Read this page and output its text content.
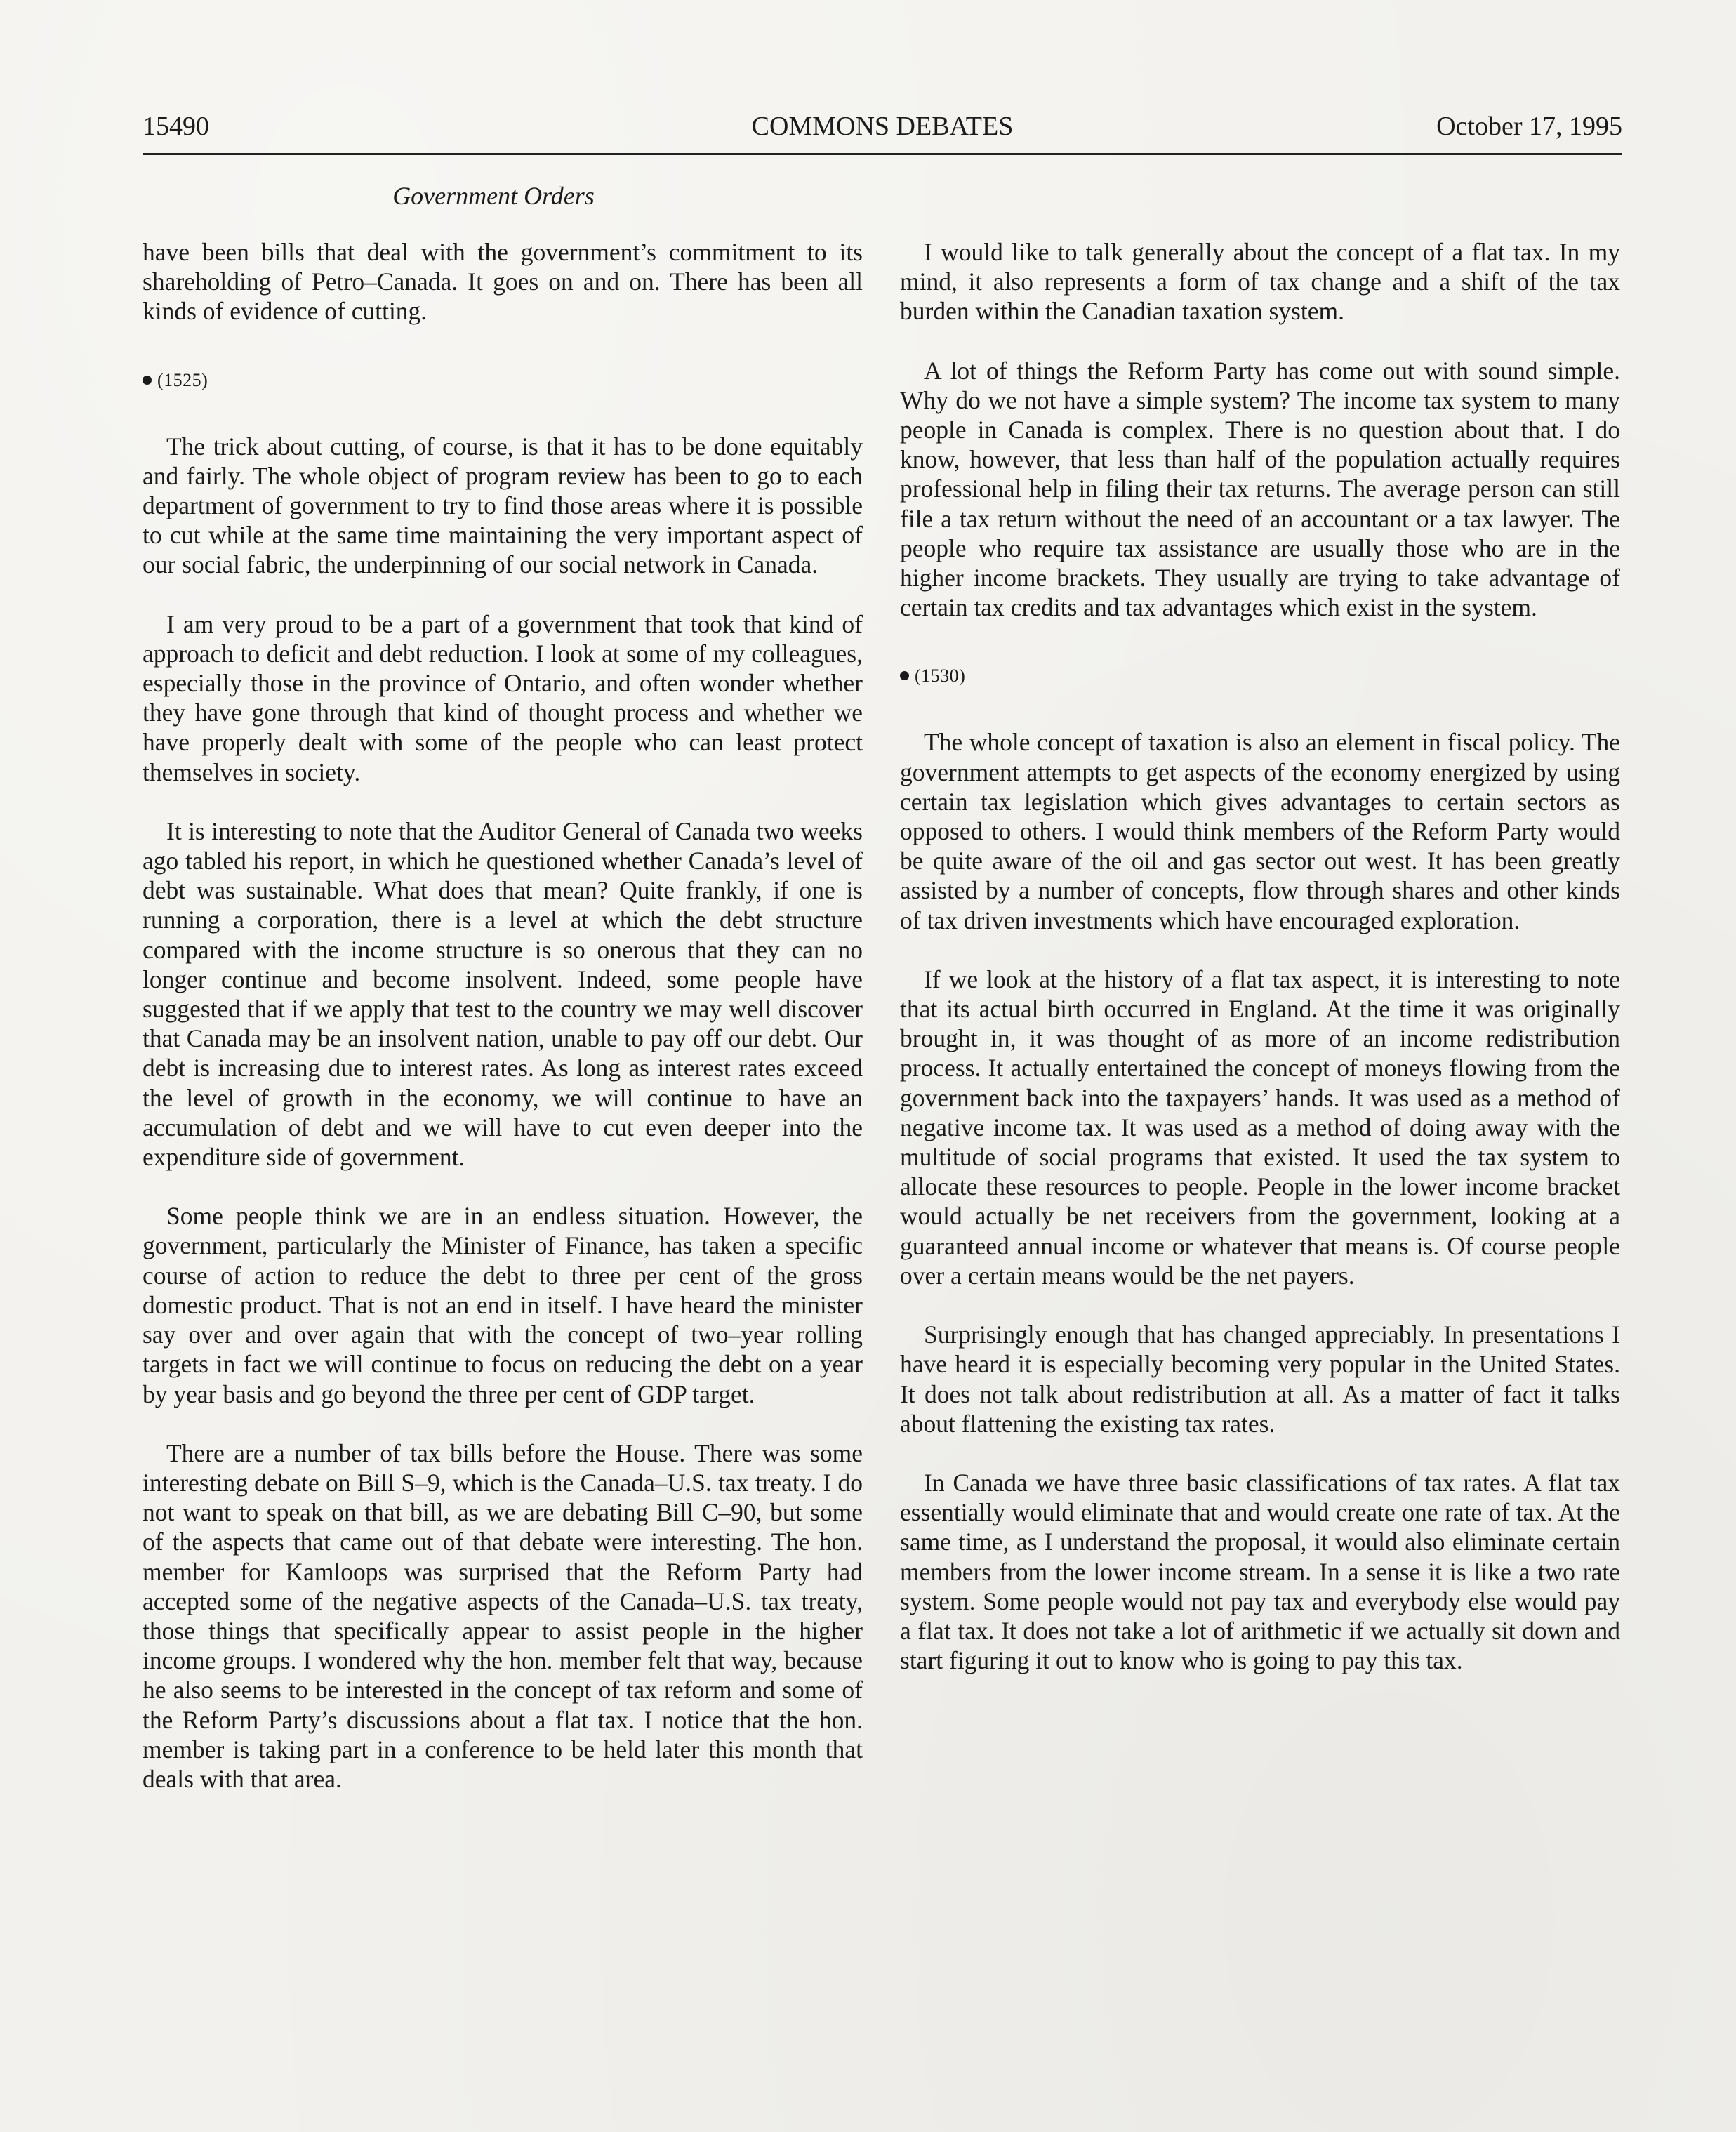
15490	COMMONS DEBATES	October 17, 1995
Government Orders

have been bills that deal with the government’s commitment to its shareholding of Petro–Canada. It goes on and on. There has been all kinds of evidence of cutting.

(1525)

The trick about cutting, of course, is that it has to be done equitably and fairly. The whole object of program review has been to go to each department of government to try to find those areas where it is possible to cut while at the same time maintaining the very important aspect of our social fabric, the underpinning of our social network in Canada.

I am very proud to be a part of a government that took that kind of approach to deficit and debt reduction. I look at some of my colleagues, especially those in the province of Ontario, and often wonder whether they have gone through that kind of thought process and whether we have properly dealt with some of the people who can least protect themselves in society.

It is interesting to note that the Auditor General of Canada two weeks ago tabled his report, in which he questioned whether Canada’s level of debt was sustainable. What does that mean? Quite frankly, if one is running a corporation, there is a level at which the debt structure compared with the income structure is so onerous that they can no longer continue and become insolvent. Indeed, some people have suggested that if we apply that test to the country we may well discover that Canada may be an insolvent nation, unable to pay off our debt. Our debt is increasing due to interest rates. As long as interest rates exceed the level of growth in the economy, we will continue to have an accumulation of debt and we will have to cut even deeper into the expenditure side of government.

Some people think we are in an endless situation. However, the government, particularly the Minister of Finance, has taken a specific course of action to reduce the debt to three per cent of the gross domestic product. That is not an end in itself. I have heard the minister say over and over again that with the concept of two–year rolling targets in fact we will continue to focus on reducing the debt on a year by year basis and go beyond the three per cent of GDP target.

There are a number of tax bills before the House. There was some interesting debate on Bill S–9, which is the Canada–U.S. tax treaty. I do not want to speak on that bill, as we are debating Bill C–90, but some of the aspects that came out of that debate were interesting. The hon. member for Kamloops was surprised that the Reform Party had accepted some of the negative aspects of the Canada–U.S. tax treaty, those things that specifically appear to assist people in the higher income groups. I wondered why the hon. member felt that way, because he also seems to be interested in the concept of tax reform and some of the Reform Party’s discussions about a flat tax. I notice that the hon. member is taking part in a conference to be held later this month that deals with that area.

I would like to talk generally about the concept of a flat tax. In my mind, it also represents a form of tax change and a shift of the tax burden within the Canadian taxation system.

A lot of things the Reform Party has come out with sound simple. Why do we not have a simple system? The income tax system to many people in Canada is complex. There is no question about that. I do know, however, that less than half of the population actually requires professional help in filing their tax returns. The average person can still file a tax return without the need of an accountant or a tax lawyer. The people who require tax assistance are usually those who are in the higher income brackets. They usually are trying to take advantage of certain tax credits and tax advantages which exist in the system.

(1530)

The whole concept of taxation is also an element in fiscal policy. The government attempts to get aspects of the economy energized by using certain tax legislation which gives advantages to certain sectors as opposed to others. I would think members of the Reform Party would be quite aware of the oil and gas sector out west. It has been greatly assisted by a number of concepts, flow through shares and other kinds of tax driven investments which have encouraged exploration.

If we look at the history of a flat tax aspect, it is interesting to note that its actual birth occurred in England. At the time it was originally brought in, it was thought of as more of an income redistribution process. It actually entertained the concept of moneys flowing from the government back into the taxpayers’ hands. It was used as a method of negative income tax. It was used as a method of doing away with the multitude of social programs that existed. It used the tax system to allocate these resources to people. People in the lower income bracket would actually be net receivers from the government, looking at a guaranteed annual income or whatever that means is. Of course people over a certain means would be the net payers.

Surprisingly enough that has changed appreciably. In presentations I have heard it is especially becoming very popular in the United States. It does not talk about redistribution at all. As a matter of fact it talks about flattening the existing tax rates.

In Canada we have three basic classifications of tax rates. A flat tax essentially would eliminate that and would create one rate of tax. At the same time, as I understand the proposal, it would also eliminate certain members from the lower income stream. In a sense it is like a two rate system. Some people would not pay tax and everybody else would pay a flat tax. It does not take a lot of arithmetic if we actually sit down and start figuring it out to know who is going to pay this tax.
